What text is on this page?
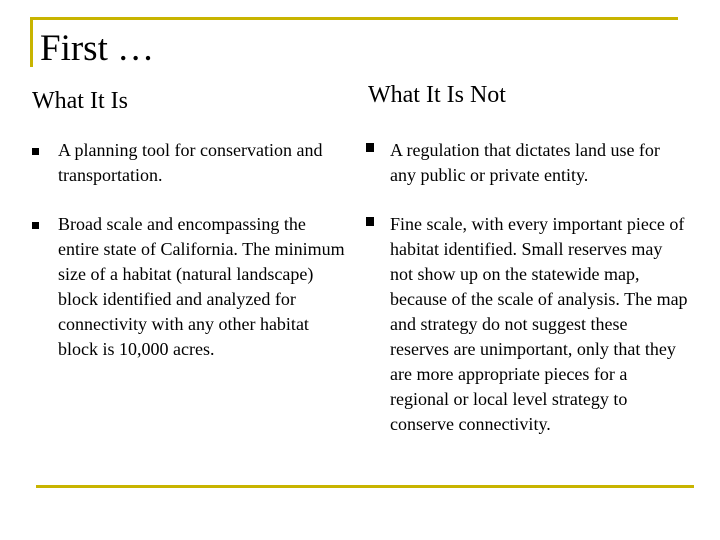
First …
What It Is	What It Is Not
A planning tool for conservation and transportation.
Broad scale and encompassing the entire state of California. The minimum size of a habitat (natural landscape) block identified and analyzed for connectivity with any other habitat block is 10,000 acres.
A regulation that dictates land use for any public or private entity.
Fine scale, with every important piece of habitat identified. Small reserves may not show up on the statewide map, because of the scale of analysis. The map and strategy do not suggest these reserves are unimportant, only that they are more appropriate pieces for a regional or local level strategy to conserve connectivity.
